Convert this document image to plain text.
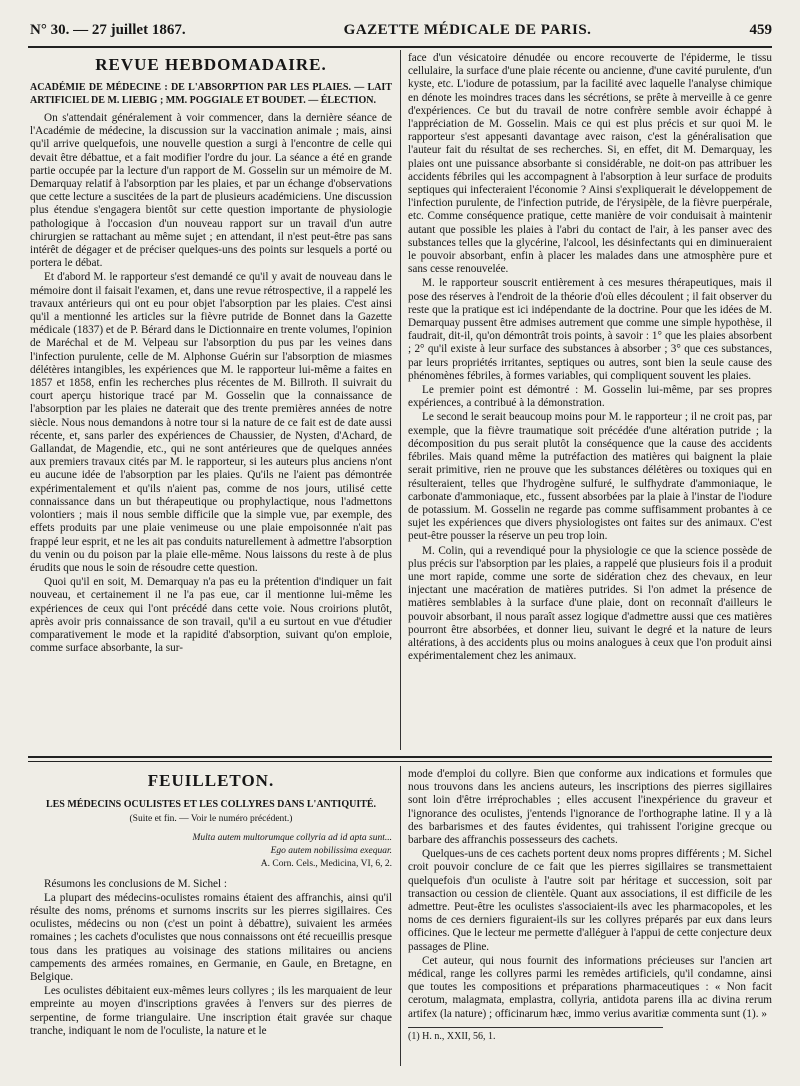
N° 30. — 27 juillet 1867.	GAZETTE MÉDICALE DE PARIS.	459

REVUE HEBDOMADAIRE.

ACADÉMIE DE MÉDECINE : DE L'ABSORPTION PAR LES PLAIES. — LAIT ARTIFICIEL DE M. LIEBIG ; MM. POGGIALE ET BOUDET. — ÉLECTION.

On s'attendait généralement à voir commencer, dans la dernière séance de l'Académie de médecine, la discussion sur la vaccination animale ; mais, ainsi qu'il arrive quelquefois, une nouvelle question a surgi à l'encontre de celle qui devait être débattue, et a fait modifier l'ordre du jour. La séance a été en grande partie occupée par la lecture d'un rapport de M. Gosselin sur un mémoire de M. Demarquay relatif à l'absorption par les plaies, et par un échange d'observations que cette lecture a suscitées de la part de plusieurs académiciens. Une discussion plus étendue s'engagera bientôt sur cette question importante de physiologie pathologique à l'occasion d'un nouveau rapport sur un travail d'un autre chirurgien se rattachant au même sujet ; en attendant, il n'est peut-être pas sans intérêt de dégager et de préciser quelques-uns des points sur lesquels a porté ou portera le débat.

Et d'abord M. le rapporteur s'est demandé ce qu'il y avait de nouveau dans le mémoire dont il faisait l'examen, et, dans une revue rétrospective, il a rappelé les travaux antérieurs qui ont eu pour objet l'absorption par les plaies. C'est ainsi qu'il a mentionné les articles sur la fièvre putride de Bonnet dans la Gazette médicale (1837) et de P. Bérard dans le Dictionnaire en trente volumes, l'opinion de Maréchal et de M. Velpeau sur l'absorption du pus par les veines dans l'infection purulente, celle de M. Alphonse Guérin sur l'absorption de miasmes délétères intangibles, les expériences que M. le rapporteur lui-même a faites en 1857 et 1858, enfin les recherches plus récentes de M. Billroth. Il suivrait du court aperçu historique tracé par M. Gosselin que la connaissance de l'absorption par les plaies ne daterait que des trente premières années de notre siècle. Nous nous demandons à notre tour si la nature de ce fait est de date aussi récente, et, sans parler des expériences de Chaussier, de Nysten, d'Achard, de Gallandat, de Magendie, etc., qui ne sont antérieures que de quelques années aux premiers travaux cités par M. le rapporteur, si les auteurs plus anciens n'ont eu aucune idée de l'absorption par les plaies. Qu'ils ne l'aient pas démontrée expérimentalement et qu'ils n'aient pas, comme de nos jours, utilisé cette connaissance dans un but thérapeutique ou prophylactique, nous l'admettons volontiers ; mais il nous semble difficile que la simple vue, par exemple, des effets produits par une plaie venimeuse ou une plaie empoisonnée n'ait pas frappé leur esprit, et ne les ait pas conduits naturellement à admettre l'absorption du venin ou du poison par la plaie elle-même. Nous laissons du reste à de plus érudits que nous le soin de résoudre cette question.

Quoi qu'il en soit, M. Demarquay n'a pas eu la prétention d'indiquer un fait nouveau, et certainement il ne l'a pas eue, car il mentionne lui-même les expériences de ceux qui l'ont précédé dans cette voie. Nous croirions plutôt, après avoir pris connaissance de son travail, qu'il a eu surtout en vue d'étudier comparativement le mode et la rapidité d'absorption, suivant qu'on emploie, comme surface absorbante, la sur-

face d'un vésicatoire dénudée ou encore recouverte de l'épiderme, le tissu cellulaire, la surface d'une plaie récente ou ancienne, d'une cavité purulente, d'un kyste, etc. L'iodure de potassium, par la facilité avec laquelle l'analyse chimique en dénote les moindres traces dans les sécrétions, se prête à merveille à ce genre d'expériences. Ce but du travail de notre confrère semble avoir échappé à l'appréciation de M. Gosselin. Mais ce qui est plus précis et sur quoi M. le rapporteur s'est appesanti davantage avec raison, c'est la généralisation que l'auteur fait du résultat de ses recherches. Si, en effet, dit M. Demarquay, les plaies ont une puissance absorbante si considérable, ne doit-on pas attribuer les accidents fébriles qui les accompagnent à l'absorption à leur surface de produits septiques qui infecteraient l'économie ? Ainsi s'expliquerait le développement de l'infection purulente, de l'infection putride, de l'érysipèle, de la fièvre puerpérale, etc. Comme conséquence pratique, cette manière de voir conduisait à maintenir autant que possible les plaies à l'abri du contact de l'air, à les panser avec des substances telles que la glycérine, l'alcool, les désinfectants qui en diminueraient le pouvoir absorbant, enfin à placer les malades dans une atmosphère pure et sans cesse renouvelée.

M. le rapporteur souscrit entièrement à ces mesures thérapeutiques, mais il pose des réserves à l'endroit de la théorie d'où elles découlent ; il fait observer du reste que la pratique est ici indépendante de la doctrine. Pour que les idées de M. Demarquay pussent être admises autrement que comme une simple hypothèse, il faudrait, dit-il, qu'on démontrât trois points, à savoir : 1° que les plaies absorbent ; 2° qu'il existe à leur surface des substances à absorber ; 3° que ces substances, par leurs propriétés irritantes, septiques ou autres, sont bien la seule cause des phénomènes fébriles, à formes variables, qui compliquent souvent les plaies.

Le premier point est démontré : M. Gosselin lui-même, par ses propres expériences, a contribué à la démonstration.

Le second le serait beaucoup moins pour M. le rapporteur ; il ne croit pas, par exemple, que la fièvre traumatique soit précédée d'une altération putride ; la décomposition du pus serait plutôt la conséquence que la cause des accidents fébriles. Mais quand même la putréfaction des matières qui baignent la plaie serait primitive, rien ne prouve que les substances délétères ou toxiques qui en résulteraient, telles que l'hydrogène sulfuré, le sulfhydrate d'ammoniaque, le carbonate d'ammoniaque, etc., fussent absorbées par la plaie à l'instar de l'iodure de potassium. M. Gosselin ne regarde pas comme suffisamment probantes à ce sujet les expériences que divers physiologistes ont faites sur des animaux. C'est peut-être pousser la réserve un peu trop loin.

M. Colin, qui a revendiqué pour la physiologie ce que la science possède de plus précis sur l'absorption par les plaies, a rappelé que plusieurs fois il a produit une mort rapide, comme une sorte de sidération chez des chevaux, en leur injectant une macération de matières putrides. Si l'on admet la présence de matières semblables à la surface d'une plaie, dont on reconnaît d'ailleurs le pouvoir absorbant, il nous paraît assez logique d'admettre aussi que ces matières pourront être absorbées, et donner lieu, suivant le degré et la nature de leurs altérations, à des accidents plus ou moins analogues à ceux que l'on produit ainsi expérimentalement chez les animaux.

FEUILLETON.

LES MÉDECINS OCULISTES ET LES COLLYRES DANS L'ANTIQUITÉ.

(Suite et fin. — Voir le numéro précédent.)

Multa autem multorumque collyria ad id apta sunt...

Ego autem nobilissima exequar.

A. Corn. Cels., Medicina, VI, 6, 2.

Résumons les conclusions de M. Sichel :

La plupart des médecins-oculistes romains étaient des affranchis, ainsi qu'il résulte des noms, prénoms et surnoms inscrits sur les pierres sigillaires. Ces oculistes, médecins ou non (c'est un point à débattre), suivaient les armées romaines ; les cachets d'oculistes que nous connaissons ont été recueillis presque tous dans les pratiques au voisinage des stations militaires ou anciens campements des armées romaines, en Germanie, en Gaule, en Bretagne, en Belgique.

Les oculistes débitaient eux-mêmes leurs collyres ; ils les marquaient de leur empreinte au moyen d'inscriptions gravées à l'envers sur des pierres de serpentine, de forme triangulaire. Une inscription était gravée sur chaque tranche, indiquant le nom de l'oculiste, la nature et le

mode d'emploi du collyre. Bien que conforme aux indications et formules que nous trouvons dans les anciens auteurs, les inscriptions des pierres sigillaires sont loin d'être irréprochables ; elles accusent l'inexpérience du graveur et l'ignorance des oculistes, j'entends l'ignorance de l'orthographe latine. Il y a là des barbarismes et des fautes évidentes, qui trahissent l'origine grecque ou barbare des affranchis possesseurs des cachets.

Quelques-uns de ces cachets portent deux noms propres différents ; M. Sichel croit pouvoir conclure de ce fait que les pierres sigillaires se transmettaient quelquefois d'un oculiste à l'autre soit par héritage et succession, soit par transaction ou cession de clientèle. Quant aux associations, il est difficile de les admettre. Peut-être les oculistes s'associaient-ils avec les pharmacopoles, et les noms de ces derniers figuraient-ils sur les collyres préparés par eux dans leurs officines. Que le lecteur me permette d'alléguer à l'appui de cette conjecture deux passages de Pline.

Cet auteur, qui nous fournit des informations précieuses sur l'ancien art médical, range les collyres parmi les remèdes artificiels, qu'il condamne, ainsi que toutes les compositions et préparations pharmaceutiques : « Non facit cerotum, malagmata, emplastra, collyria, antidota parens illa ac divina rerum artifex (la nature) ; officinarum hæc, immo verius avaritiæ commenta sunt (1). »

(1) H. n., XXII, 56, 1.
